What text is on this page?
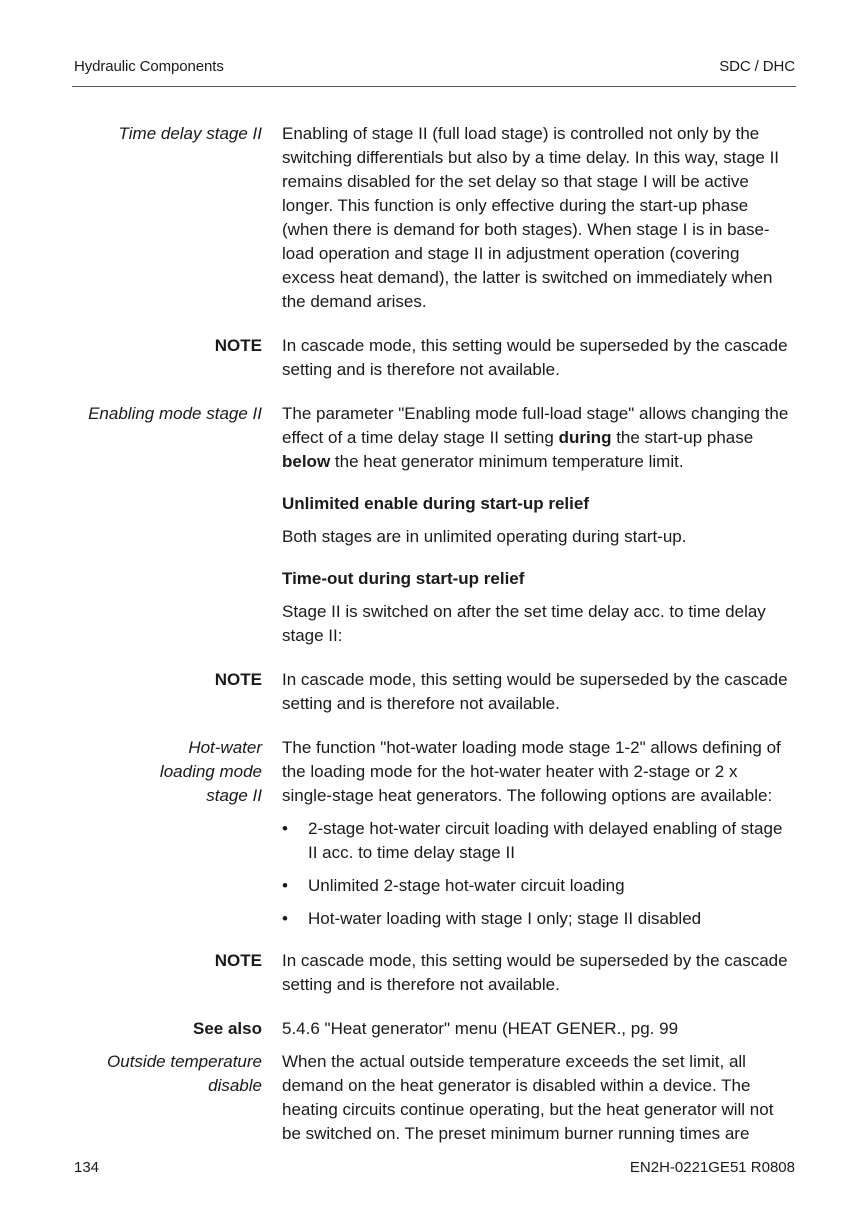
Hydraulic Components	SDC / DHC
Time delay stage II Enabling of stage II (full load stage) is controlled not only by the switching differentials but also by a time delay. In this way, stage II remains disabled for the set delay so that stage I will be active longer. This function is only effective during the start-up phase (when there is demand for both stages). When stage I is in base-load operation and stage II in adjustment operation (covering excess heat demand), the latter is switched on immediately when the demand arises.

NOTE In cascade mode, this setting would be superseded by the cascade setting and is therefore not available.

Enabling mode stage II The parameter "Enabling mode full-load stage" allows changing the effect of a time delay stage II setting during the start-up phase below the heat generator minimum temperature limit.

Unlimited enable during start-up relief

Both stages are in unlimited operating during start-up.

Time-out during start-up relief

Stage II is switched on after the set time delay acc. to time delay stage II:

NOTE In cascade mode, this setting would be superseded by the cascade setting and is therefore not available.

Hot-water
loading mode
stage II

The function "hot-water loading mode stage 1-2" allows defining of the loading mode for the hot-water heater with 2-stage or 2 x single-stage heat generators. The following options are available:

• 2-stage hot-water circuit loading with delayed enabling of stage II acc. to time delay stage II
• Unlimited 2-stage hot-water circuit loading
• Hot-water loading with stage I only; stage II disabled
NOTE In cascade mode, this setting would be superseded by the cascade setting and is therefore not available.

See also 5.4.6 "Heat generator" menu (HEAT GENER., pg. 99

Outside temperature
disable

When the actual outside temperature exceeds the set limit, all demand on the heat generator is disabled within a device. The heating circuits continue operating, but the heat generator will not be switched on. The preset minimum burner running times are

134	EN2H-0221GE51 R0808
